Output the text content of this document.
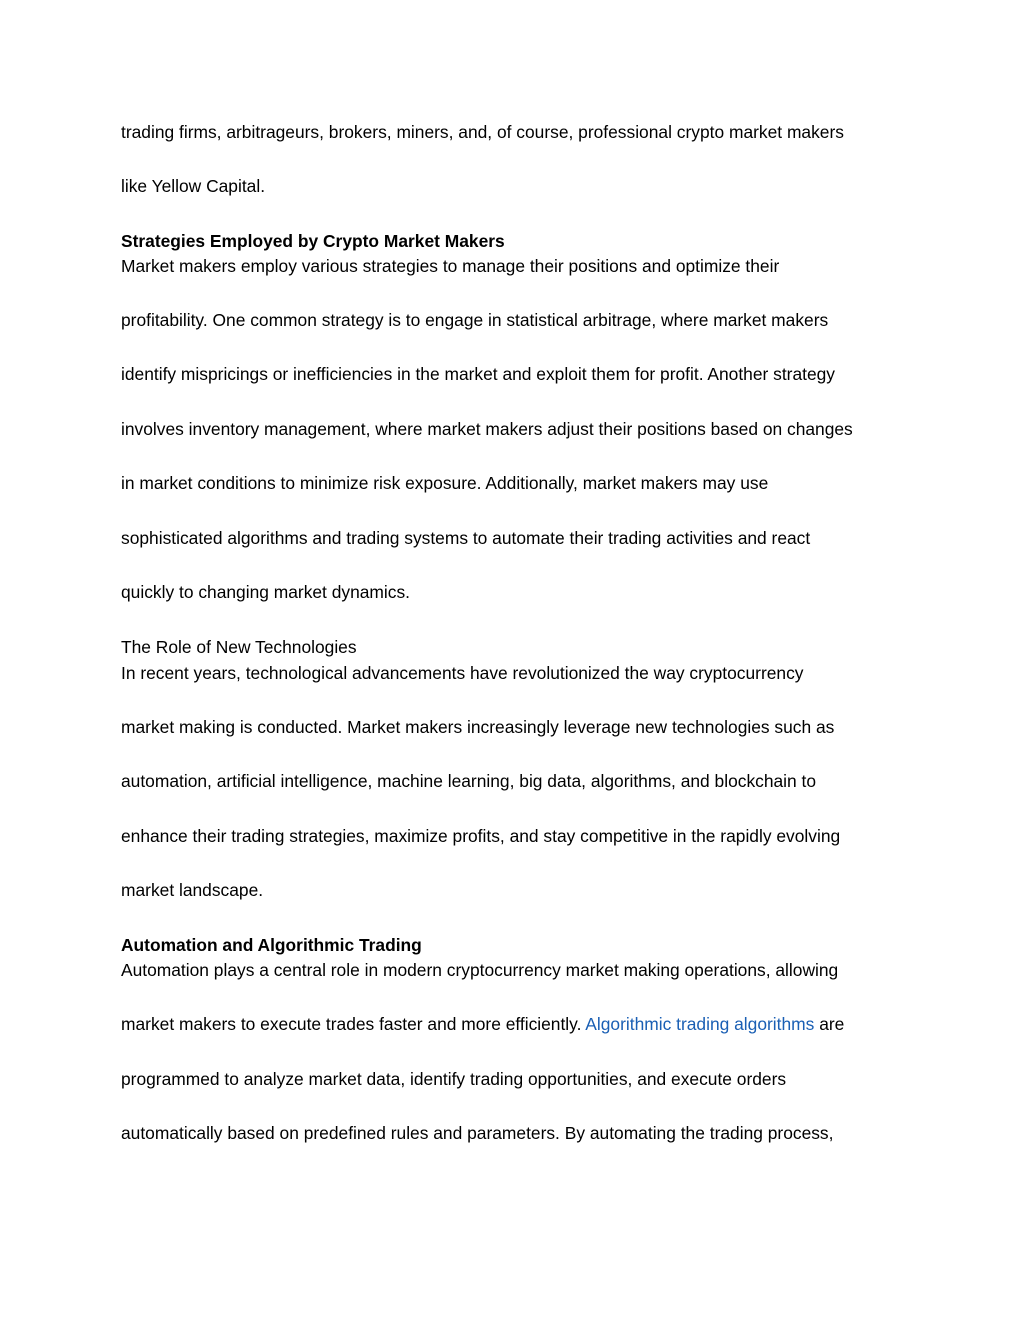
trading firms, arbitrageurs, brokers, miners, and, of course, professional crypto market makers
like Yellow Capital.
Strategies Employed by Crypto Market Makers
Market makers employ various strategies to manage their positions and optimize their
profitability. One common strategy is to engage in statistical arbitrage, where market makers
identify mispricings or inefficiencies in the market and exploit them for profit. Another strategy
involves inventory management, where market makers adjust their positions based on changes
in market conditions to minimize risk exposure. Additionally, market makers may use
sophisticated algorithms and trading systems to automate their trading activities and react
quickly to changing market dynamics.
The Role of New Technologies
In recent years, technological advancements have revolutionized the way cryptocurrency
market making is conducted. Market makers increasingly leverage new technologies such as
automation, artificial intelligence, machine learning, big data, algorithms, and blockchain to
enhance their trading strategies, maximize profits, and stay competitive in the rapidly evolving
market landscape.
Automation and Algorithmic Trading
Automation plays a central role in modern cryptocurrency market making operations, allowing
market makers to execute trades faster and more efficiently. Algorithmic trading algorithms are
programmed to analyze market data, identify trading opportunities, and execute orders
automatically based on predefined rules and parameters. By automating the trading process,
